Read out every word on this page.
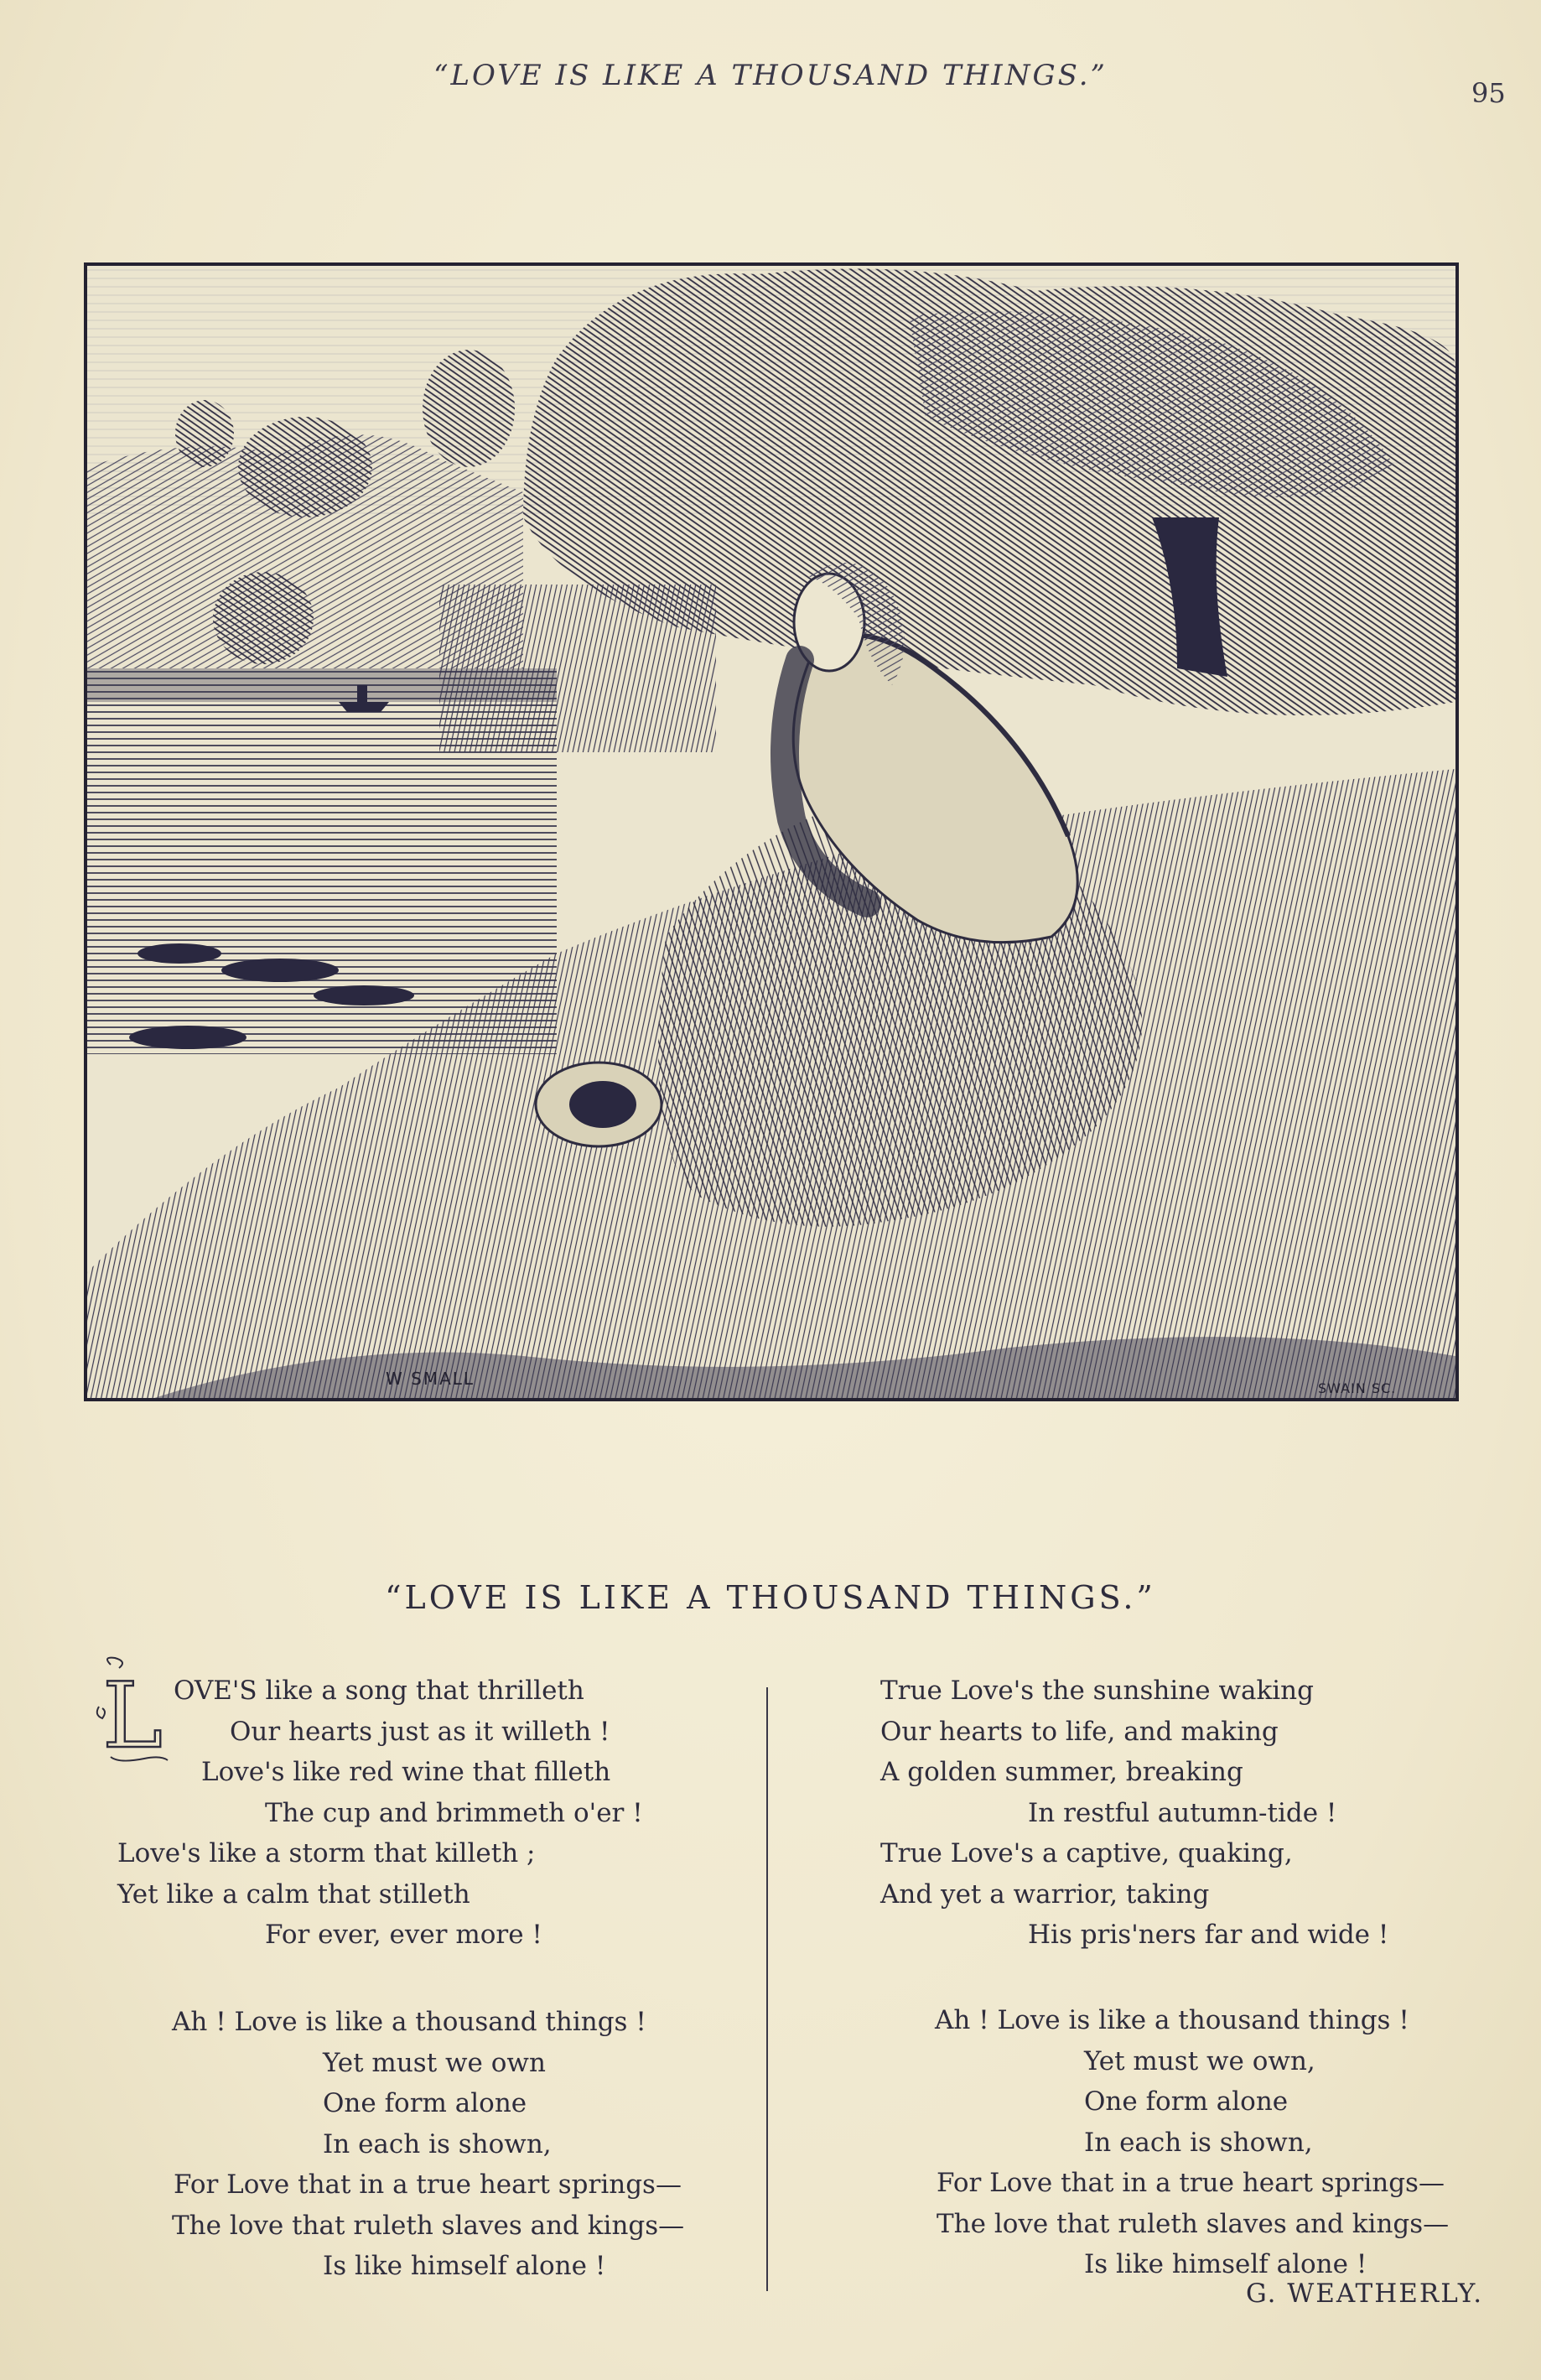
“LOVE IS LIKE A THOUSAND THINGS.”
95
W SMALL	SWAIN SC.
“LOVE IS LIKE A THOUSAND THINGS.”
L OVE'S like a song that thrilleth
Our hearts just as it willeth !
Love's like red wine that filleth
The cup and brimmeth o'er !
Love's like a storm that killeth ;
Yet like a calm that stilleth
For ever, ever more !
Ah ! Love is like a thousand things !
Yet must we own
One form alone
In each is shown,
For Love that in a true heart springs—
The love that ruleth slaves and kings—
Is like himself alone !
True Love's the sunshine waking
Our hearts to life, and making
A golden summer, breaking
In restful autumn-tide !
True Love's a captive, quaking,
And yet a warrior, taking
His pris'ners far and wide !
Ah ! Love is like a thousand things !
Yet must we own,
One form alone
In each is shown,
For Love that in a true heart springs—
The love that ruleth slaves and kings—
Is like himself alone !
G. WEATHERLY.
